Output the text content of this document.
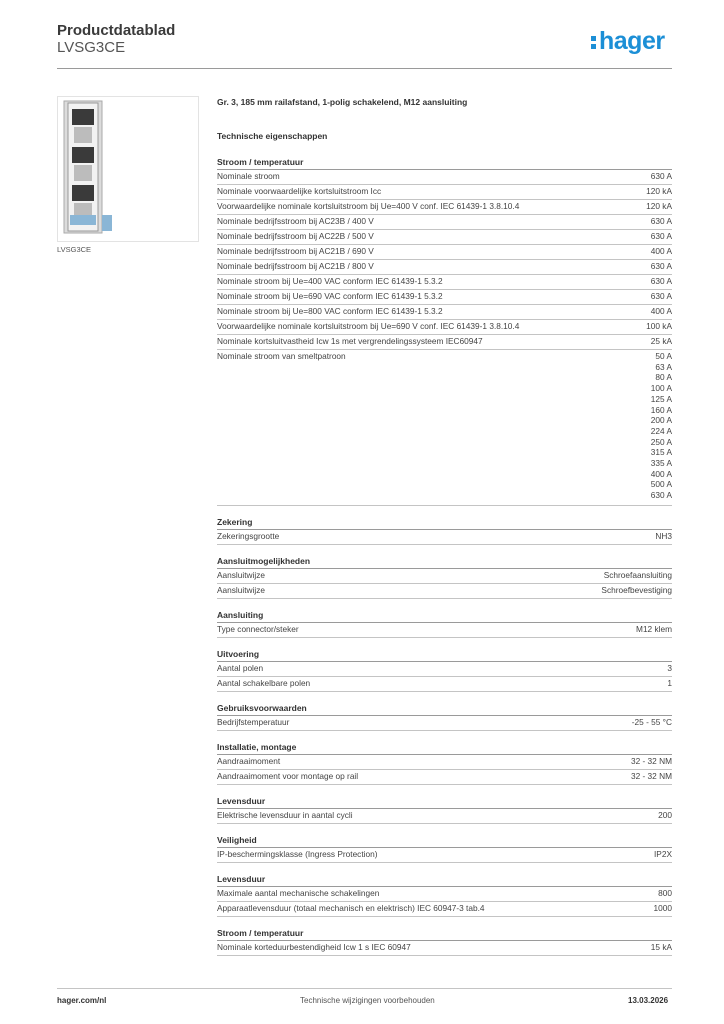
Productdatablad
LVSG3CE	hager
LVSG3CE
Gr. 3, 185 mm railafstand, 1-polig schakelend, M12 aansluiting
Technische eigenschappen
Stroom / temperatuur
Nominale stroom	630 A
Nominale voorwaardelijke kortsluitstroom Icc	120 kA
Voorwaardelijke nominale kortsluitstroom bij Ue=400 V conf. IEC 61439-1 3.8.10.4	120 kA
Nominale bedrijfsstroom bij AC23B / 400 V	630 A
Nominale bedrijfsstroom bij AC22B / 500 V	630 A
Nominale bedrijfsstroom bij AC21B / 690 V	400 A
Nominale bedrijfsstroom bij AC21B / 800 V	630 A
Nominale stroom bij Ue=400 VAC conform IEC 61439-1 5.3.2	630 A
Nominale stroom bij Ue=690 VAC conform IEC 61439-1 5.3.2	630 A
Nominale stroom bij Ue=800 VAC conform IEC 61439-1 5.3.2	400 A
Voorwaardelijke nominale kortsluitstroom bij Ue=690 V conf. IEC 61439-1 3.8.10.4	100 kA
Nominale kortsluitvastheid Icw 1s met vergrendelingssysteem IEC60947	25 kA
Nominale stroom van smeltpatroon	50 A
63 A
80 A
100 A
125 A
160 A
200 A
224 A
250 A
315 A
335 A
400 A
500 A
630 A
Zekering
Zekeringsgrootte	NH3
Aansluitmogelijkheden
Aansluitwijze	Schroefaansluiting
Aansluitwijze	Schroefbevestiging
Aansluiting
Type connector/steker	M12 klem
Uitvoering
Aantal polen	3
Aantal schakelbare polen	1
Gebruiksvoorwaarden
Bedrijfstemperatuur	-25 - 55 °C
Installatie, montage
Aandraaimoment	32 - 32 NM
Aandraaimoment voor montage op rail	32 - 32 NM
Levensduur
Elektrische levensduur in aantal cycli	200
Veiligheid
IP-beschermingsklasse (Ingress Protection)	IP2X
Levensduur
Maximale aantal mechanische schakelingen	800
Apparaatlevensduur (totaal mechanisch en elektrisch) IEC 60947-3 tab.4	1000
Stroom / temperatuur
Nominale korteduurbestendigheid Icw 1 s IEC 60947	15 kA
hager.com/nl	Technische wijzigingen voorbehouden	13.03.2026
